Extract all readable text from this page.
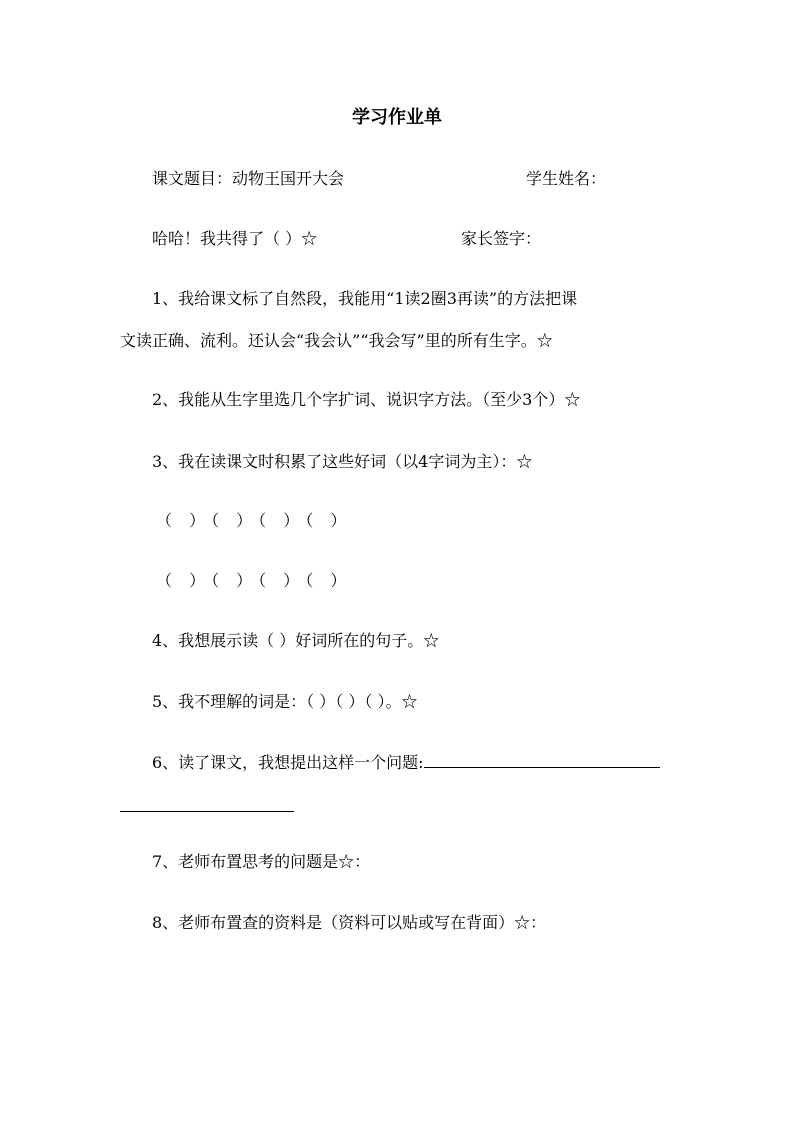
学习作业单
课文题目：动物王国开大会	学生姓名：
哈哈！我共得了（ ）☆	家长签字：
1、我给课文标了自然段，我能用“1读2圈3再读”的方法把课
文读正确、流利。还认会“我会认”“我会写”里的所有生字。☆
2、我能从生字里选几个字扩词、说识字方法。（至少3个）☆
3、我在读课文时积累了这些好词（以4字词为主）：☆
（ ）（ ）（ ）（ ）
（ ）（ ）（ ）（ ）
4、我想展示读（ ）好词所在的句子。☆
5、我不理解的词是：（ ）（ ）（ ）。☆
6、读了课文，我想提出这样一个问题:
7、老师布置思考的问题是☆：
8、老师布置查的资料是（资料可以贴或写在背面）☆：
